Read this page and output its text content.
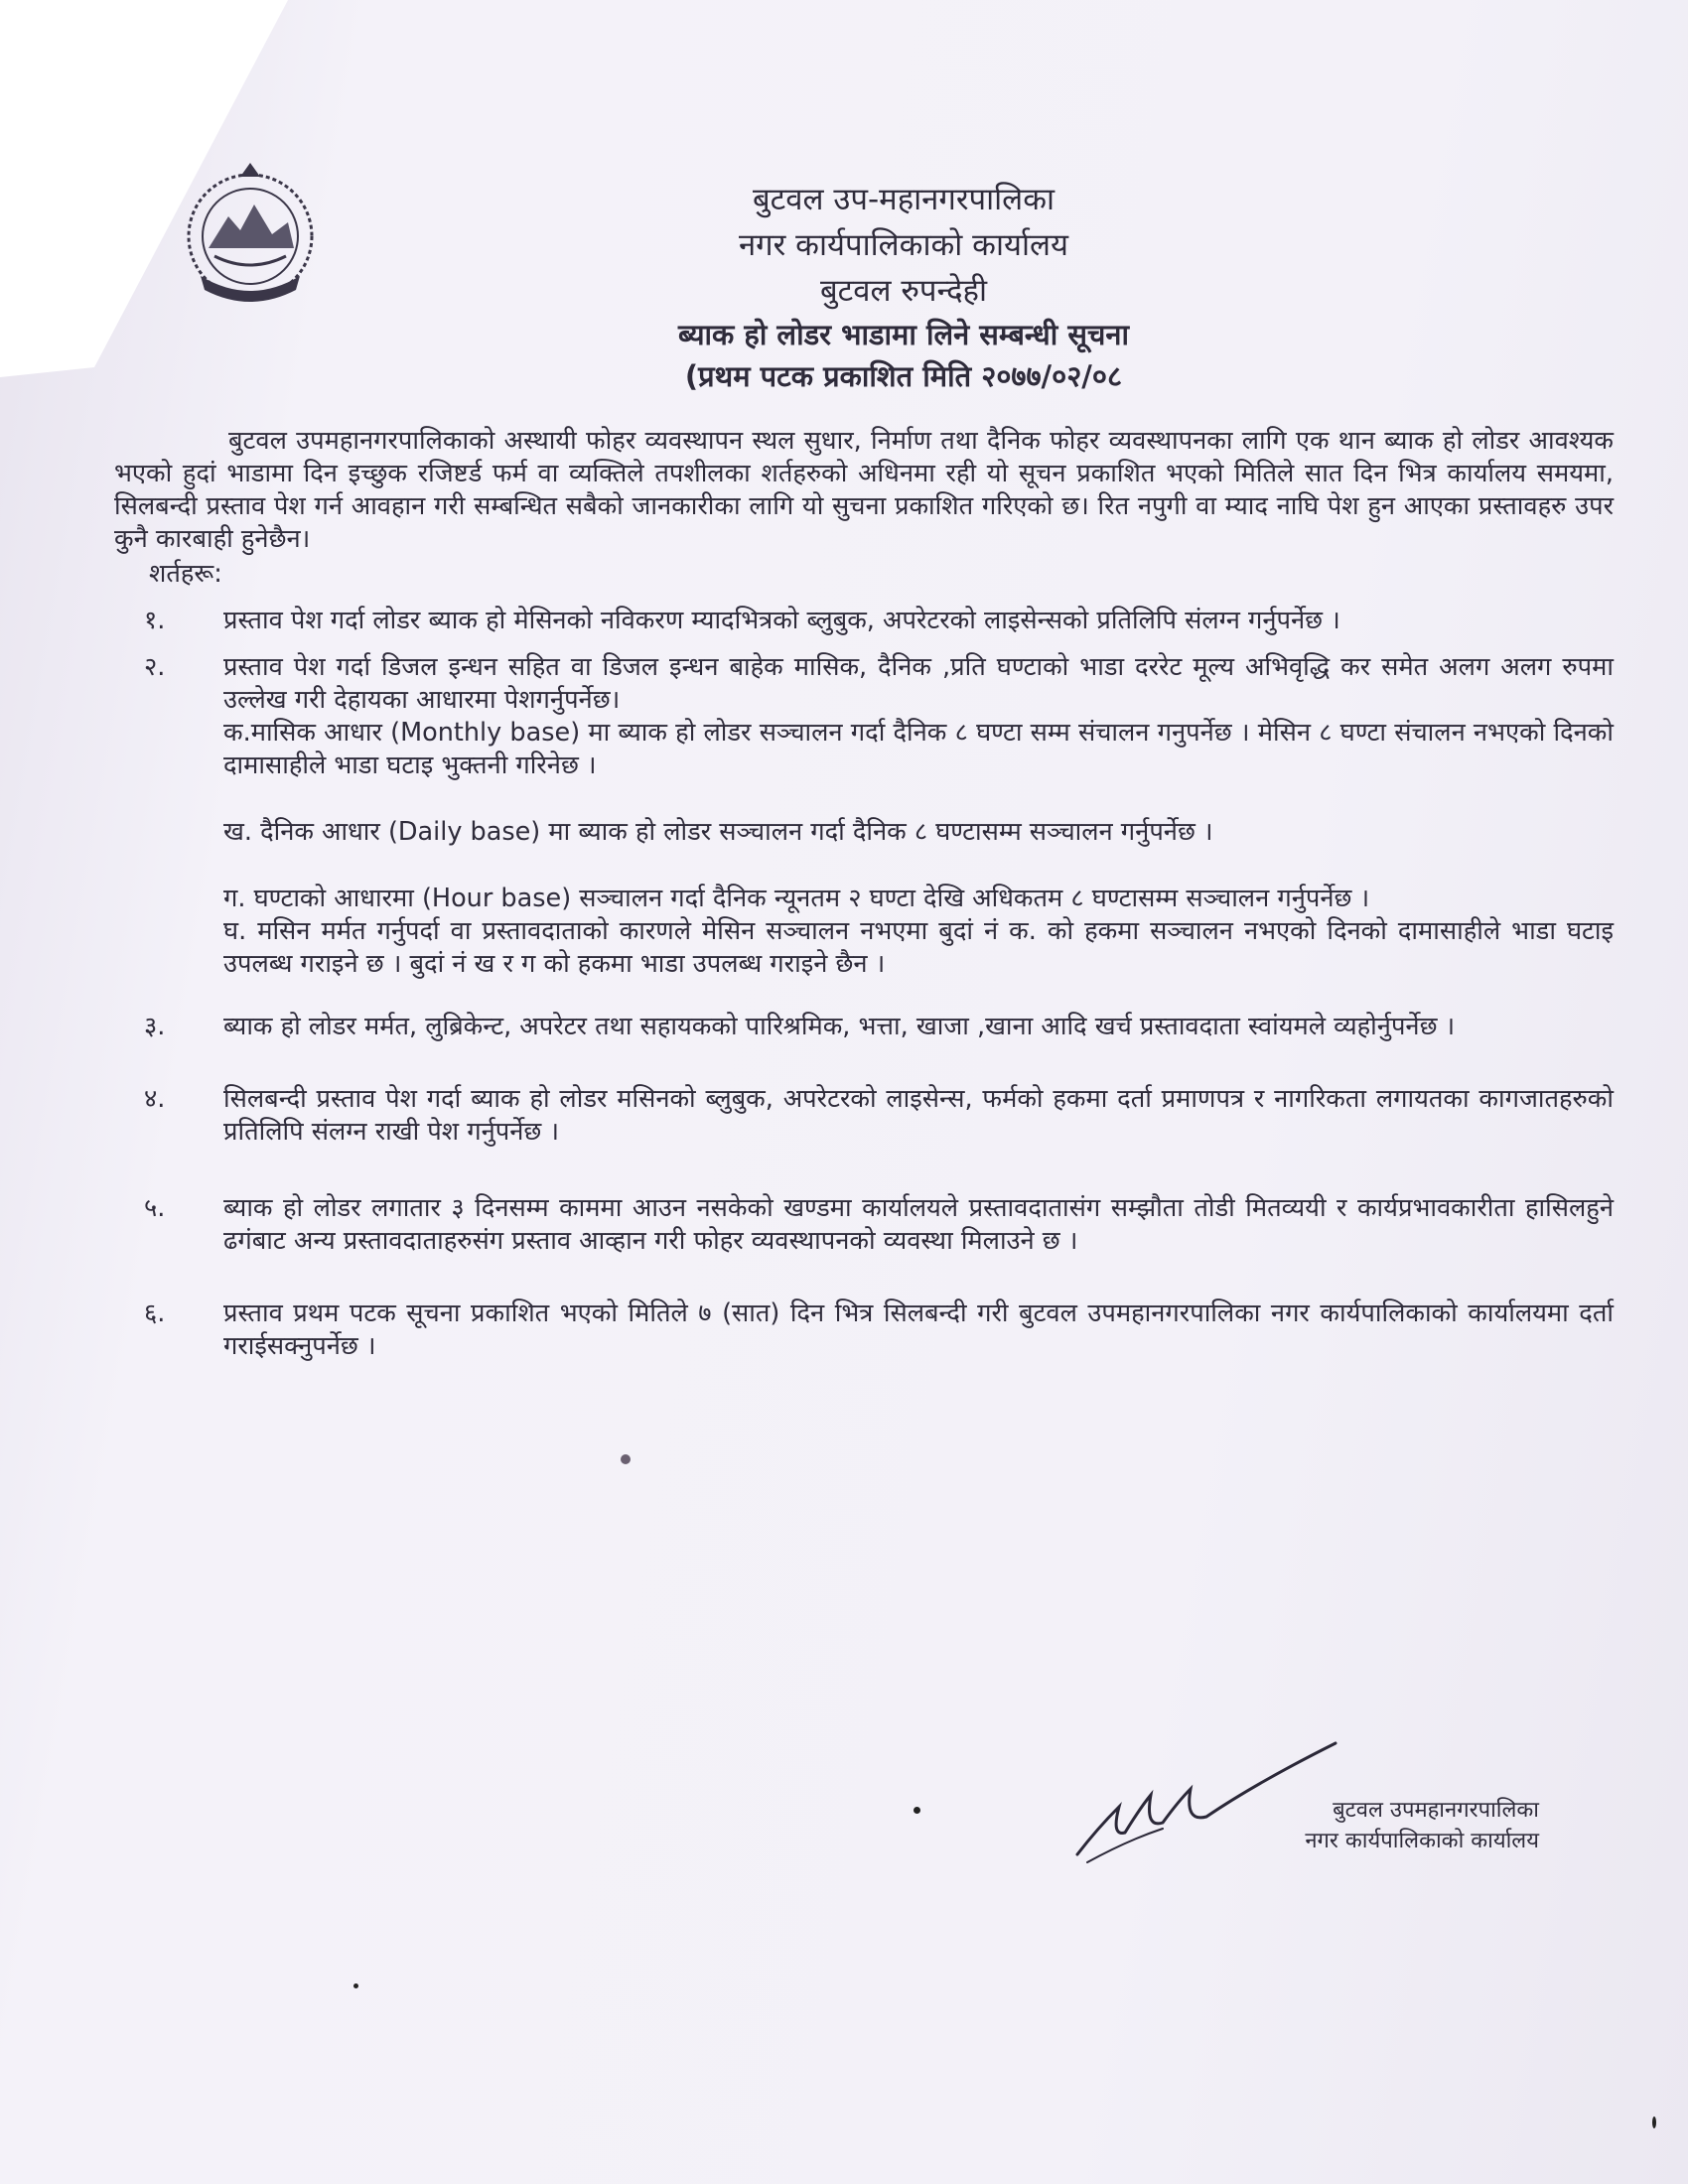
बुटवल उप-महानगरपालिका
नगर कार्यपालिकाको कार्यालय
बुटवल रुपन्देही
ब्याक हो लोडर भाडामा लिने सम्बन्धी सूचना
(प्रथम पटक प्रकाशित मिति २०७७/०२/०८

बुटवल उपमहानगरपालिकाको अस्थायी फोहर व्यवस्थापन स्थल सुधार, निर्माण तथा दैनिक फोहर व्यवस्थापनका लागि एक थान ब्याक हो लोडर आवश्यक भएको हुदां भाडामा दिन इच्छुक रजिष्टर्ड फर्म वा व्यक्तिले तपशीलका शर्तहरुको अधिनमा रही यो सूचन प्रकाशित भएको मितिले सात दिन भित्र कार्यालय समयमा, सिलबन्दी प्रस्ताव पेश गर्न आवहान गरी सम्बन्धित सबैको जानकारीका लागि यो सुचना प्रकाशित गरिएको छ। रित नपुगी वा म्याद नाघि पेश हुन आएका प्रस्तावहरु उपर कुनै कारबाही हुनेछैन।

शर्तहरू:
१. प्रस्ताव पेश गर्दा लोडर ब्याक हो मेसिनको नविकरण म्यादभित्रको ब्लुबुक, अपरेटरको लाइसेन्सको प्रतिलिपि संलग्न गर्नुपर्नेछ ।
२. प्रस्ताव पेश गर्दा डिजल इन्धन सहित वा डिजल इन्धन बाहेक मासिक, दैनिक ,प्रति घण्टाको भाडा दररेट मूल्य अभिवृद्धि कर समेत अलग अलग रुपमा उल्लेख गरी देहायका आधारमा पेशगर्नुपर्नेछ।
क.मासिक आधार (Monthly base) मा ब्याक हो लोडर सञ्चालन गर्दा दैनिक ८ घण्टा सम्म संचालन गनुपर्नेछ । मेसिन ८ घण्टा संचालन नभएको दिनको दामासाहीले भाडा घटाइ भुक्तनी गरिनेछ ।
ख. दैनिक आधार (Daily base) मा ब्याक हो लोडर सञ्चालन गर्दा दैनिक ८ घण्टासम्म सञ्चालन गर्नुपर्नेछ ।
ग. घण्टाको आधारमा (Hour base) सञ्चालन गर्दा दैनिक न्यूनतम २ घण्टा देखि अधिकतम ८ घण्टासम्म सञ्चालन गर्नुपर्नेछ ।
घ. मसिन मर्मत गर्नुपर्दा वा प्रस्तावदाताको कारणले मेसिन सञ्चालन नभएमा बुदां नं क. को हकमा सञ्चालन नभएको दिनको दामासाहीले भाडा घटाइ उपलब्ध गराइने छ । बुदां नं ख र ग को हकमा भाडा उपलब्ध गराइने छैन ।
३. ब्याक हो लोडर मर्मत, लुब्रिकेन्ट, अपरेटर तथा सहायकको पारिश्रमिक, भत्ता, खाजा ,खाना आदि खर्च प्रस्तावदाता स्वांयमले व्यहोर्नुपर्नेछ ।
४. सिलबन्दी प्रस्ताव पेश गर्दा ब्याक हो लोडर मसिनको ब्लुबुक, अपरेटरको लाइसेन्स, फर्मको हकमा दर्ता प्रमाणपत्र र नागरिकता लगायतका कागजातहरुको प्रतिलिपि संलग्न राखी पेश गर्नुपर्नेछ ।
५. ब्याक हो लोडर लगातार ३ दिनसम्म काममा आउन नसकेको खण्डमा कार्यालयले प्रस्तावदातासंग सम्झौता तोडी मितव्ययी र कार्यप्रभावकारीता हासिलहुने ढगंबाट अन्य प्रस्तावदाताहरुसंग प्रस्ताव आव्हान गरी फोहर व्यवस्थापनको व्यवस्था मिलाउने छ ।
६. प्रस्ताव प्रथम पटक सूचना प्रकाशित भएको मितिले ७ (सात) दिन भित्र सिलबन्दी गरी बुटवल उपमहानगरपालिका नगर कार्यपालिकाको कार्यालयमा दर्ता गराईसक्नुपर्नेछ ।
बुटवल उपमहानगरपालिका
नगर कार्यपालिकाको कार्यालय
